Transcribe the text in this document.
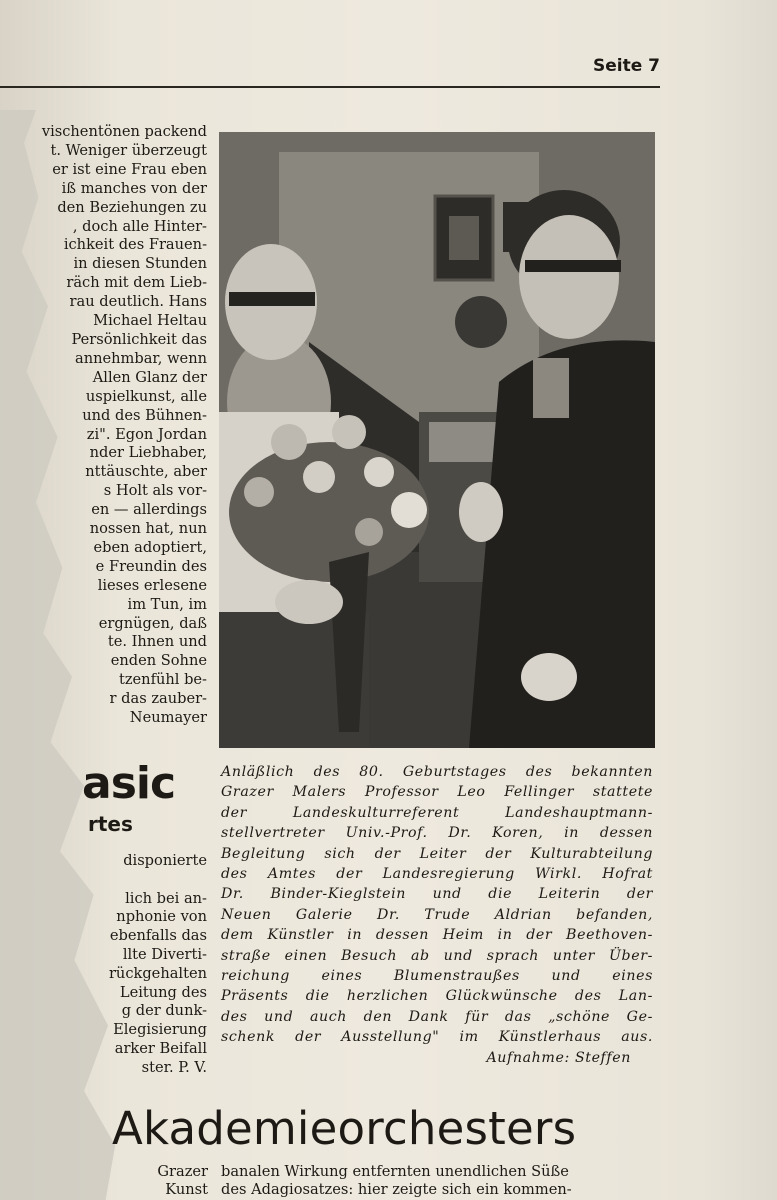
Seite 7
vischentönen packend
t. Weniger überzeugt
er ist eine Frau eben
iß manches von der
den Beziehungen zu
, doch alle Hinter-
ichkeit des Frauen-
in diesen Stunden
räch mit dem Lieb-
rau deutlich. Hans
Michael Heltau
Persönlichkeit das
annehmbar, wenn
Allen Glanz der
uspielkunst, alle
und des Bühnen-
zi". Egon Jordan
nder Liebhaber,
nttäuschte, aber
s Holt als vor-
en — allerdings
nossen hat, nun
eben adoptiert,
e Freundin des
lieses erlesene
im Tun, im
ergnügen, daß
te. Ihnen und
enden Sohne
tzenfühl be-
r das zauber-
Neumayer
Anläßlich des 80. Geburtstages des bekannten
Grazer Malers Professor Leo Fellinger stattete
der Landeskulturreferent Landeshauptmann-
stellvertreter Univ.-Prof. Dr. Koren, in dessen
Begleitung sich der Leiter der Kulturabteilung
des Amtes der Landesregierung Wirkl. Hofrat
Dr. Binder-Kieglstein und die Leiterin der
Neuen Galerie Dr. Trude Aldrian befanden,
dem Künstler in dessen Heim in der Beethoven-
straße einen Besuch ab und sprach unter Über-
reichung eines Blumenstraußes und eines
Präsents die herzlichen Glückwünsche des Lan-
des und auch den Dank für das „schöne Ge-
schenk der Ausstellung" im Künstlerhaus aus.
Aufnahme: Steffen
asic
rtes
disponierte

lich bei an-
nphonie von
ebenfalls das
llte Diverti-
rückgehalten
Leitung des
g der dunk-
Elegisierung
arker Beifall
ster. P. V.
Akademieorchesters
Grazer
Kunst
banalen Wirkung entfernten unendlichen Süße
des Adagiosatzes: hier zeigte sich ein kommen-
